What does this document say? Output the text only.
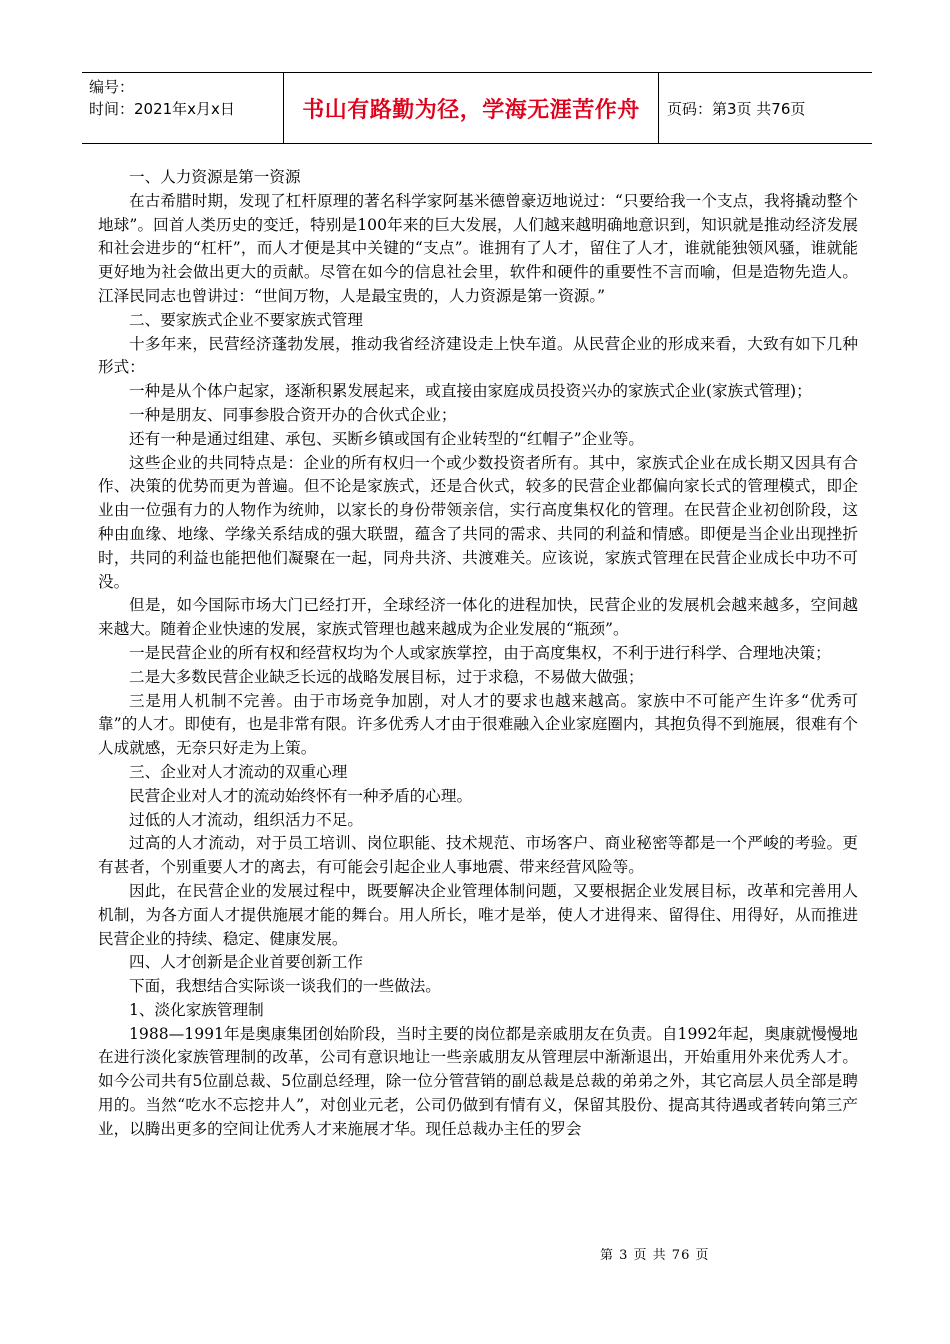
编号：
时间：2021年x月x日	书山有路勤为径，学海无涯苦作舟	页码：第3页 共76页

一、人力资源是第一资源

在古希腊时期，发现了杠杆原理的著名科学家阿基米德曾豪迈地说过：“只要给我一个支点，我将撬动整个地球”。回首人类历史的变迁，特别是100年来的巨大发展，人们越来越明确地意识到，知识就是推动经济发展和社会进步的“杠杆”，而人才便是其中关键的“支点”。谁拥有了人才，留住了人才，谁就能独领风骚，谁就能更好地为社会做出更大的贡献。尽管在如今的信息社会里，软件和硬件的重要性不言而喻，但是造物先造人。江泽民同志也曾讲过：“世间万物，人是最宝贵的，人力资源是第一资源。”

二、要家族式企业不要家族式管理

十多年来，民营经济蓬勃发展，推动我省经济建设走上快车道。从民营企业的形成来看，大致有如下几种形式：

一种是从个体户起家，逐渐积累发展起来，或直接由家庭成员投资兴办的家族式企业(家族式管理)；

一种是朋友、同事参股合资开办的合伙式企业；

还有一种是通过组建、承包、买断乡镇或国有企业转型的“红帽子”企业等。

这些企业的共同特点是：企业的所有权归一个或少数投资者所有。其中，家族式企业在成长期又因具有合作、决策的优势而更为普遍。但不论是家族式，还是合伙式，较多的民营企业都偏向家长式的管理模式，即企业由一位强有力的人物作为统帅，以家长的身份带领亲信，实行高度集权化的管理。在民营企业初创阶段，这种由血缘、地缘、学缘关系结成的强大联盟，蕴含了共同的需求、共同的利益和情感。即便是当企业出现挫折时，共同的利益也能把他们凝聚在一起，同舟共济、共渡难关。应该说，家族式管理在民营企业成长中功不可没。

但是，如今国际市场大门已经打开，全球经济一体化的进程加快，民营企业的发展机会越来越多，空间越来越大。随着企业快速的发展，家族式管理也越来越成为企业发展的“瓶颈”。

一是民营企业的所有权和经营权均为个人或家族掌控，由于高度集权，不利于进行科学、合理地决策；

二是大多数民营企业缺乏长远的战略发展目标，过于求稳，不易做大做强；

三是用人机制不完善。由于市场竞争加剧，对人才的要求也越来越高。家族中不可能产生许多“优秀可靠”的人才。即使有，也是非常有限。许多优秀人才由于很难融入企业家庭圈内，其抱负得不到施展，很难有个人成就感，无奈只好走为上策。

三、企业对人才流动的双重心理

民营企业对人才的流动始终怀有一种矛盾的心理。

过低的人才流动，组织活力不足。

过高的人才流动，对于员工培训、岗位职能、技术规范、市场客户、商业秘密等都是一个严峻的考验。更有甚者，个别重要人才的离去，有可能会引起企业人事地震、带来经营风险等。

因此，在民营企业的发展过程中，既要解决企业管理体制问题，又要根据企业发展目标，改革和完善用人机制，为各方面人才提供施展才能的舞台。用人所长，唯才是举，使人才进得来、留得住、用得好，从而推进民营企业的持续、稳定、健康发展。

四、人才创新是企业首要创新工作

下面，我想结合实际谈一谈我们的一些做法。

1、淡化家族管理制

1988—1991年是奥康集团创始阶段，当时主要的岗位都是亲戚朋友在负责。自1992年起，奥康就慢慢地在进行淡化家族管理制的改革，公司有意识地让一些亲戚朋友从管理层中渐渐退出，开始重用外来优秀人才。如今公司共有5位副总裁、5位副总经理，除一位分管营销的副总裁是总裁的弟弟之外，其它高层人员全部是聘用的。当然“吃水不忘挖井人”，对创业元老，公司仍做到有情有义，保留其股份、提高其待遇或者转向第三产业，以腾出更多的空间让优秀人才来施展才华。现任总裁办主任的罗会

第 3 页 共 76 页
